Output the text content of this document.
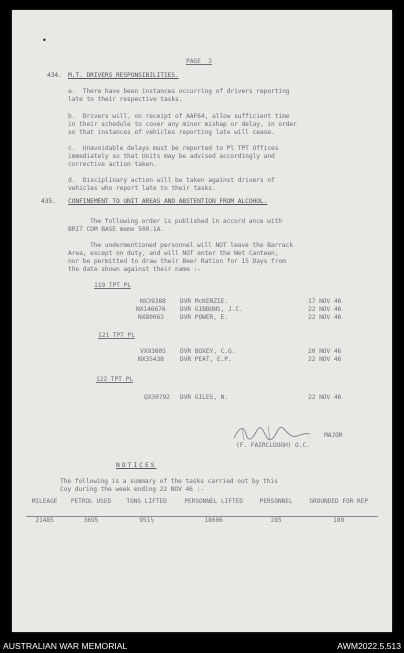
•
PAGE  3
434. M.T. DRIVERS RESPONSIBILITIES.
a.  There have been instances occurring of drivers reporting
late to their respective tasks.
b.  Drivers will, on receipt of AAF64, allow sufficient time
in their schedule to cover any minor mishap or delay, in order
so that instances of vehicles reporting late will cease.
c.  Unavoidable delays must be reported to Pl TPT Offices
immediately so that Units may be advised accordingly and
corrective action taken.
d.  Disciplinary action will be taken against drivers of
vehicles who report late to their tasks.
435. CONFINEMENT TO UNIT AREAS AND ABSTENTION FROM ALCOHOL.
The following order is published in accord ance with
BRIT COM BASE memo 500.1A.
The undermentioned personnel will NOT leave the Barrack
Area, except on duty, and will NOT enter the Wet Canteen,
nor be permitted to draw their Beer Ration for 15 Days from
the date shown against their name :-
119 TPT PL
NX39388 DVR McKENZIE.	17 NOV 46
NX146676 DVR GIBBONS, J.C.	22 NOV 46
NX80063	DVR POWER, E.	22 NOV 46
121 TPT PL
VX93805 DVR BOXEY, C.G.	20 NOV 46
NX35438	DVR PEAT, E.P.	22 NOV 46
122 TPT PL
QX30792 DVR GILES, N.	22 NOV 46
MAJOR
(F. FAIRCLOUGH) O.C.
NOTICES
The following is a summary of the tasks carried out by this
Coy during the week ending 22 NOV 46 :-
MILEAGE	PETROL USED	TONS LIFTED	PERSONNEL LIFTED	PERSONNEL	GROUNDED FOR REP
21485	3695	951½	18606	285	189
AUSTRALIAN WAR MEMORIAL	AWM2022.5.513
